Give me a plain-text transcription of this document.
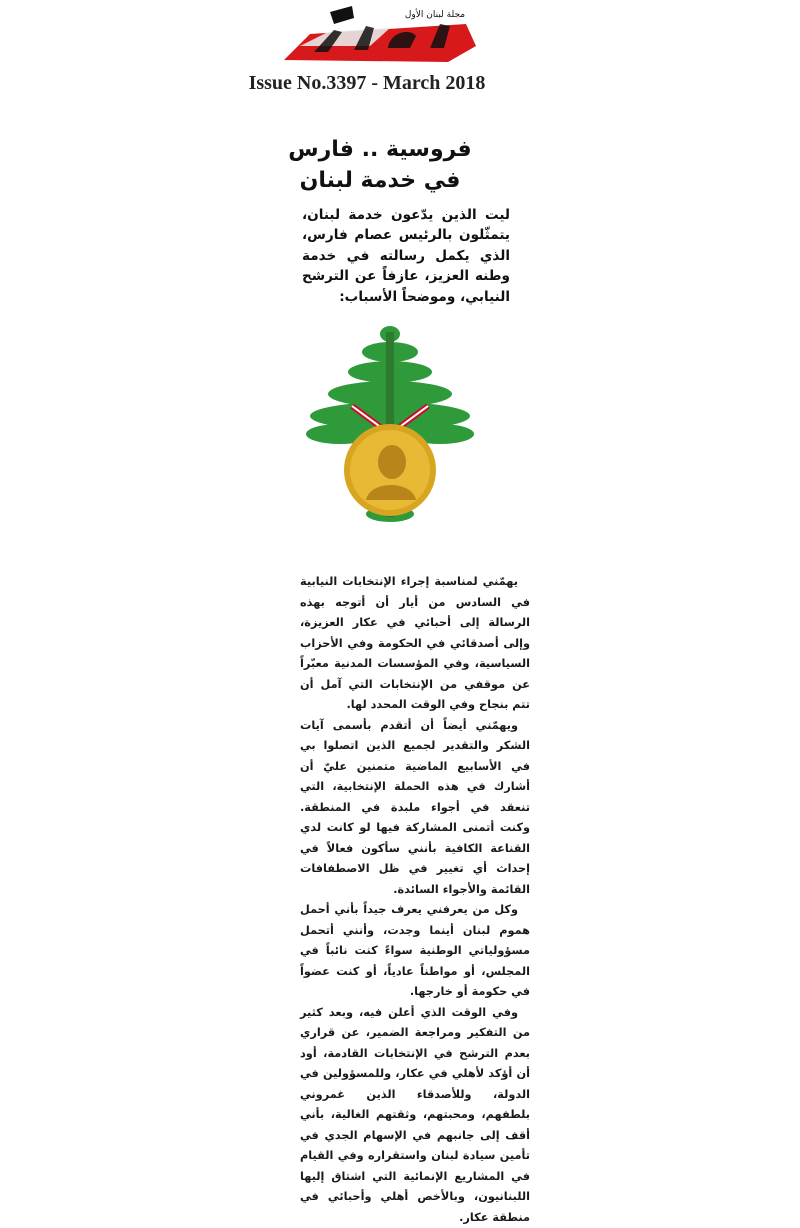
مجلة لبنان الأول
Issue No.3397 - March 2018
فروسية .. فارس
في خدمة لبنان
ليت الذين يدّعون خدمة لبنان، يتمثّلون بالرئيس عصام فارس، الذي يكمل رسالته في خدمة وطنه العزيز، عازفاً عن الترشح النيابي، وموضحاً الأسباب:

يهمّني لمناسبة إجراء الإنتخابات النيابية في السادس من أيار أن أتوجه بهذه الرسالة إلى أحبائي في عكار العزيزة، وإلى أصدقائي في الحكومة وفي الأحزاب السياسية، وفي المؤسسات المدنية معبّراً عن موقفي من الإنتخابات التي آمل أن تتم بنجاح وفي الوقت المحدد لها.

ويهمّني أيضاً أن أتقدم بأسمى آيات الشكر والتقدير لجميع الذين اتصلوا بي في الأسابيع الماضية متمنين عليّ أن أشارك في هذه الحملة الإنتخابية، التي تنعقد في أجواء ملبدة في المنطقة. وكنت أتمنى المشاركة فيها لو كانت لدي القناعة الكافية بأنني سأكون فعالاً في إحداث أي تغيير في ظل الاصطفافات القائمة والأجواء السائدة.

وكل من يعرفني يعرف جيداً بأني أحمل هموم لبنان أينما وجدت، وأنني أتحمل مسؤولياتي الوطنية سواءً كنت نائباً في المجلس، أو مواطناً عادياً، أو كنت عضواً في حكومة أو خارجها.

وفي الوقت الذي أعلن فيه، وبعد كثير من التفكير ومراجعة الضمير، عن قراري بعدم الترشح في الإنتخابات القادمة، أود أن أؤكد لأهلي في عكار، وللمسؤولين في الدولة، وللأصدقاء الذين غمروني بلطفهم، ومحبتهم، وثقتهم الغالية، بأني أقف إلى جانبهم في الإسهام الجدي في تأمين سيادة لبنان واستقراره وفي القيام في المشاريع الإنمائية التي اشتاق إليها اللبنانيون، وبالأخص أهلي وأحبائي في منطقة عكار.
